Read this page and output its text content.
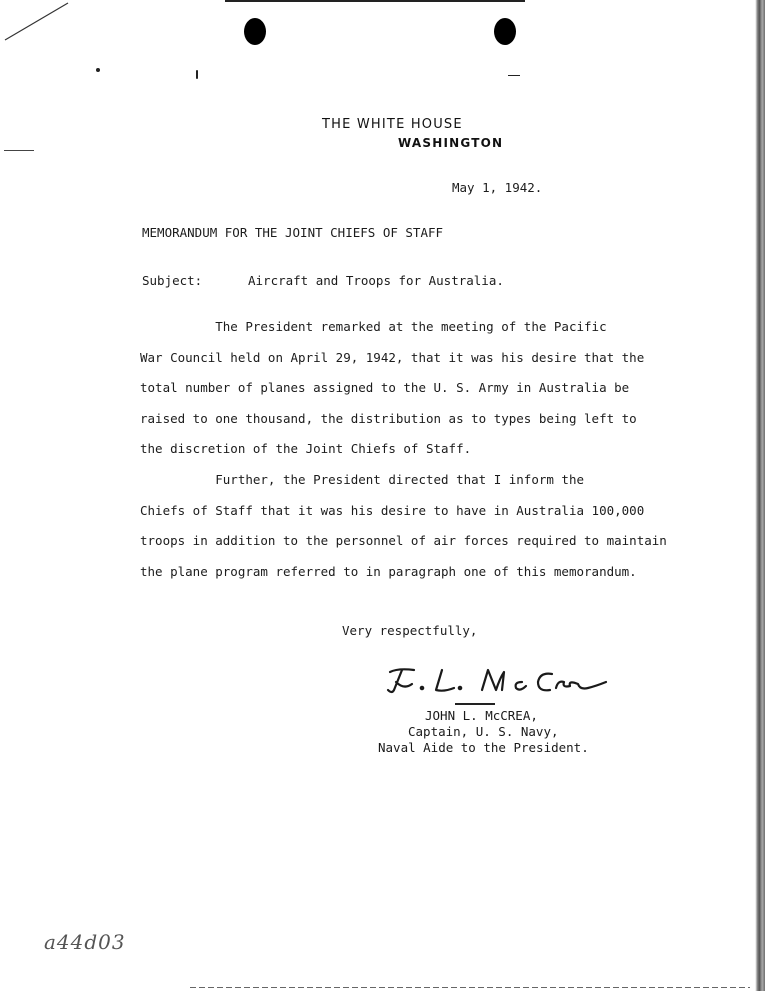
THE WHITE HOUSE
WASHINGTON
May 1, 1942.
MEMORANDUM FOR THE JOINT CHIEFS OF STAFF
Subject:	Aircraft and Troops for Australia.
The President remarked at the meeting of the Pacific
War Council held on April 29, 1942, that it was his desire that the
total number of planes assigned to the U. S. Army in Australia be
raised to one thousand, the distribution as to types being left to
the discretion of the Joint Chiefs of Staff.
Further, the President directed that I inform the
Chiefs of Staff that it was his desire to have in Australia 100,000
troops in addition to the personnel of air forces required to maintain
the plane program referred to in paragraph one of this memorandum.
Very respectfully,
JOHN L. McCREA,
Captain, U. S. Navy,
Naval Aide to the President.
a44d03
